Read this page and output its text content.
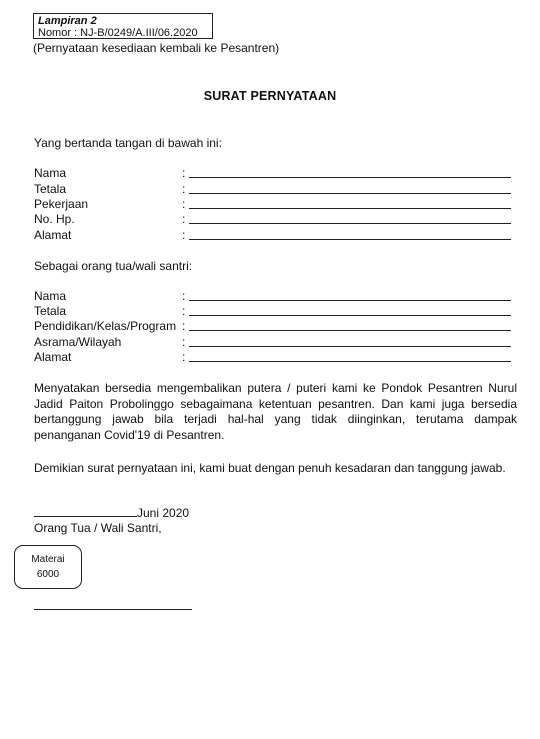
Lampiran 2
Nomor : NJ-B/0249/A.III/06.2020
(Pernyataan kesediaan kembali ke Pesantren)
SURAT PERNYATAAN
Yang bertanda tangan di bawah ini:
Nama	:
Tetala	:
Pekerjaan	:
No. Hp.	:
Alamat	:
Sebagai orang tua/wali santri:
Nama	:
Tetala	:
Pendidikan/Kelas/Program :
Asrama/Wilayah	:
Alamat	:
Menyatakan bersedia mengembalikan putera / puteri kami ke Pondok Pesantren Nurul Jadid Paiton Probolinggo sebagaimana ketentuan pesantren. Dan kami juga bersedia bertanggung jawab bila terjadi hal-hal yang tidak diinginkan, terutama dampak penanganan Covid'19 di Pesantren.
Demikian surat pernyataan ini, kami buat dengan penuh kesadaran dan tanggung jawab.
Juni 2020
Orang Tua / Wali Santri,
Materai
6000
